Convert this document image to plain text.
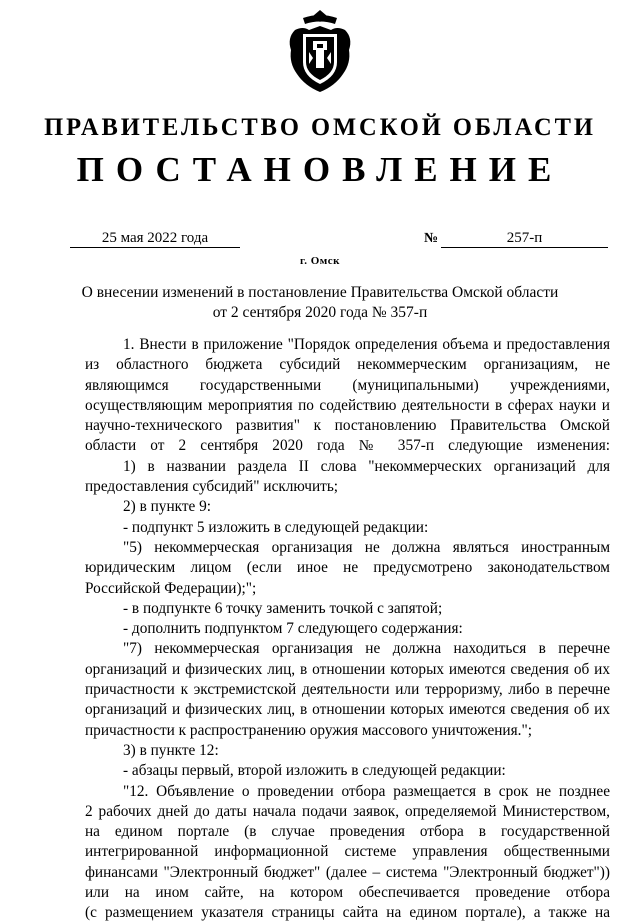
ПРАВИТЕЛЬСТВО ОМСКОЙ ОБЛАСТИ
ПОСТАНОВЛЕНИЕ
25 мая 2022 года	№	257-п
г. Омск
О внесении изменений в постановление Правительства Омской области
от 2 сентября 2020 года № 357-п
1. Внести в приложение "Порядок определения объема и предоставления
из областного бюджета субсидий некоммерческим организациям, не
являющимся государственными (муниципальными) учреждениями,
осуществляющим мероприятия по содействию деятельности в сферах науки и
научно-технического развития" к постановлению Правительства Омской
области от 2 сентября 2020 года № 357-п следующие изменения:
1) в названии раздела II слова "некоммерческих организаций для
предоставления субсидий" исключить;
2) в пункте 9:
- подпункт 5 изложить в следующей редакции:
"5) некоммерческая организация не должна являться иностранным
юридическим лицом (если иное не предусмотрено законодательством
Российской Федерации);";
- в подпункте 6 точку заменить точкой с запятой;
- дополнить подпунктом 7 следующего содержания:
"7) некоммерческая организация не должна находиться в перечне
организаций и физических лиц, в отношении которых имеются сведения об их
причастности к экстремистской деятельности или терроризму, либо в перечне
организаций и физических лиц, в отношении которых имеются сведения об их
причастности к распространению оружия массового уничтожения.";
3) в пункте 12:
- абзацы первый, второй изложить в следующей редакции:
"12. Объявление о проведении отбора размещается в срок не позднее
2 рабочих дней до даты начала подачи заявок, определяемой Министерством,
на едином портале (в случае проведения отбора в государственной
интегрированной информационной системе управления общественными
финансами "Электронный бюджет" (далее – система "Электронный бюджет"))
или на ином сайте, на котором обеспечивается проведение отбора
(с размещением указателя страницы сайта на едином портале), а также на
